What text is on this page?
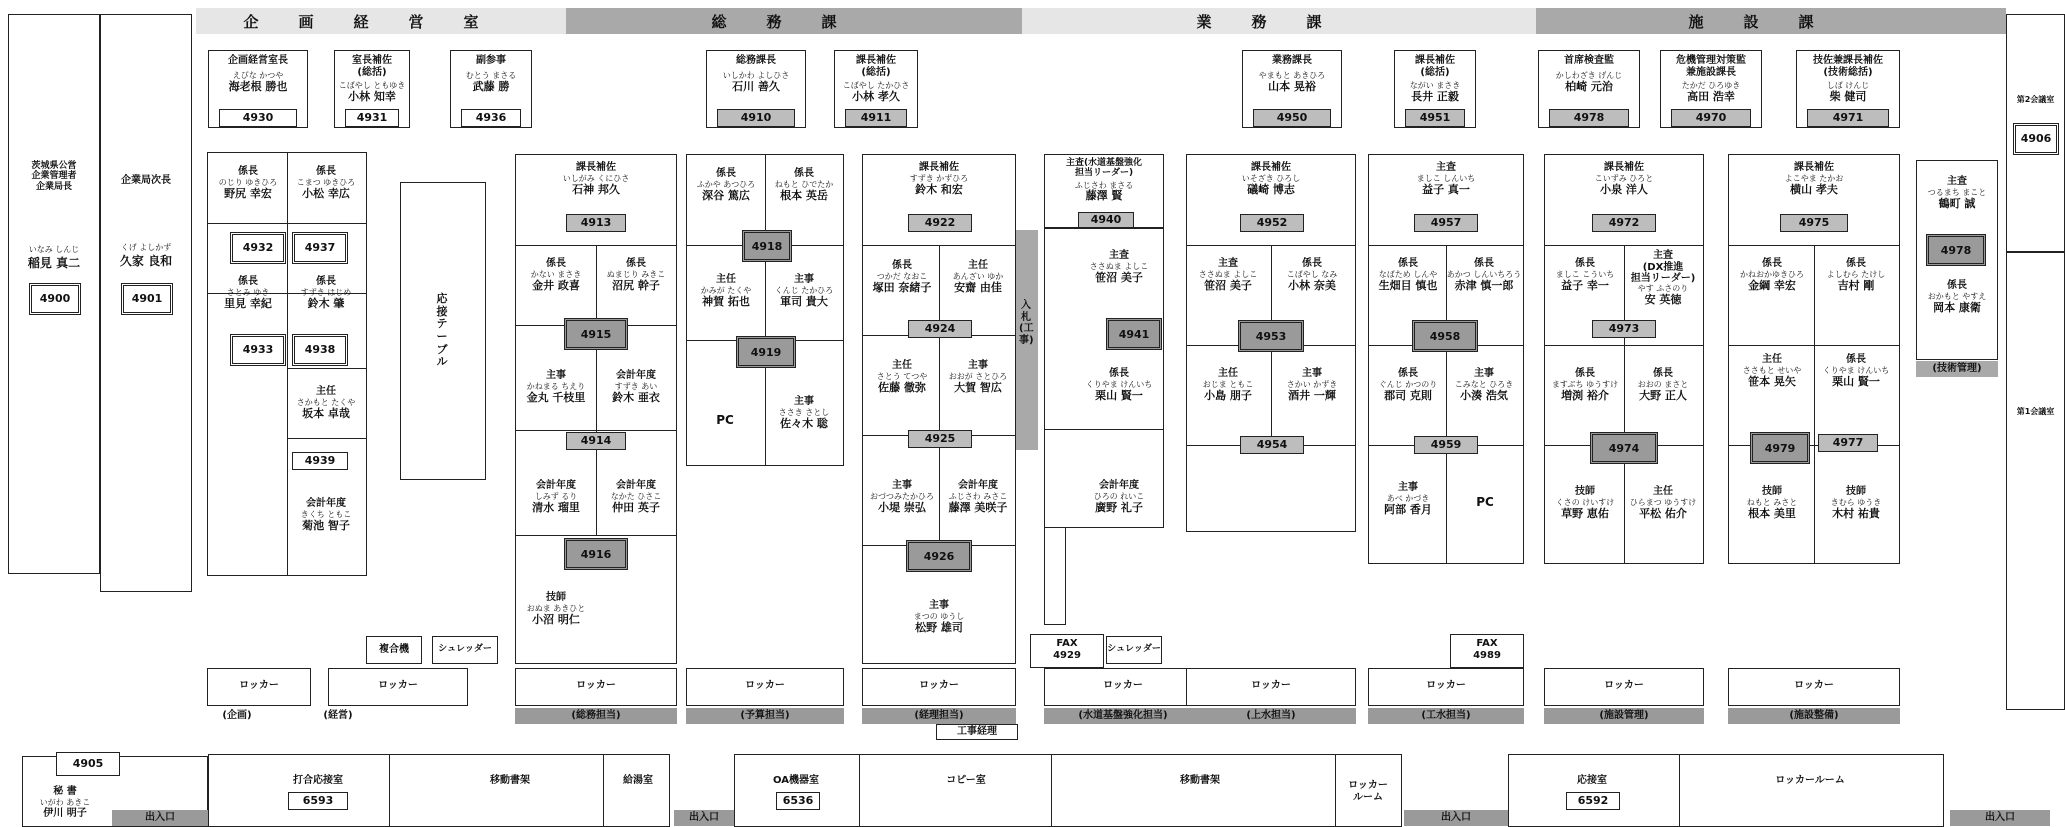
企画経営室	総務課	業務課	施設課
企画経営室長
えびな かつや
海老根 勝也
4930
室長補佐
(総括)
こばやし ともゆき
小林 知幸
4931
副参事
むとう まさる
武藤 勝
4936
総務課長
いしかわ よしひさ
石川 善久
4910
課長補佐
(総括)
こばやし たかひさ
小林 孝久
4911
業務課長
やまもと あきひろ
山本 晃裕
4950
課長補佐
(総括)
ながい まさき
長井 正毅
4951
首席検査監
かしわざき げんじ
柏崎 元治
4978
危機管理対策監
兼施設課長
たかだ ひろゆき
高田 浩幸
4970
技佐兼課長補佐
(技術総括)
しば けんじ
柴 健司
4971
茨城県公営
企業管理者
企業局長
いなみ しんじ
稲見 真二
4900
企業局次長
くげ よしかず
久家 良和
4901	応接テーブル
入札(工事)
(技術管理)
第2会議室
4906
第1会議室
係長
のじり ゆきひろ
野尻 幸宏
係長
こまつ ゆきひろ
小松 幸広
係長
さとみ ゆき
里見 幸紀
係長
すずき はじめ
鈴木 肇
主任
さかもと たくや
坂本 卓哉
会計年度
きくち ともこ
菊池 智子
4932	4937
4933	4938
4939
課長補佐
いしがみ くにひさ
石神 邦久
4913
係長
かない まさき
金井 政喜
係長
ぬまじり みきこ
沼尻 幹子
4915
主事
かねまる ちえり
金丸 千枝里
会計年度
すずき あい
鈴木 亜衣
4914
会計年度
しみず るり
清水 瑠里
会計年度
なかた ひさこ
仲田 英子
4916
技師
おぬま あきひと
小沼 明仁
係長
ふかや あつひろ
深谷 篤広
係長
ねもと ひでたか
根本 英岳
4918
主任
かみが たくや
神賀 拓也
主事
くんじ たかひろ
軍司 貴大
4919
PC
主事
ささき さとし
佐々木 聡
課長補佐
すずき かずひろ
鈴木 和宏
4922
係長
つかだ なおこ
塚田 奈緒子
主任
あんざい ゆか
安齋 由佳
4924
主任
さとう てつや
佐藤 徹弥
主事
おおが さとひろ
大賀 智広
4925
主事
おづつみたかひろ
小堤 崇弘
会計年度
ふじさわ みさこ
藤澤 美咲子
4926
主事
まつの ゆうし
松野 雄司
主査(水道基盤強化
担当リーダー)
ふじさわ まさる
藤澤 賢
4940
主査
ささぬま よしこ
笹沼 美子
4941
係長
くりやま けんいち
栗山 賢一
会計年度
ひろの れいこ
廣野 礼子
課長補佐
いそざき ひろし
礒崎 博志
4952
主査
ささぬま よしこ
笹沼 美子
係長
こばやし なみ
小林 奈美
4953
主任
おじま ともこ
小島 朋子
主事
さかい かずき
酒井 一輝
4954
主査
ましこ しんいち
益子 真一
4957
係長
なばため しんや
生畑目 慎也
係長
あかつ しんいちろう
赤津 慎一郎
4958
係長
ぐんじ かつのり
郡司 克則
主事
こみなと ひろき
小湊 浩気
4959
主事
あべ かづき
阿部 香月
PC
課長補佐
こいずみ ひろと
小泉 洋人
4972
係長
ましこ こういち
益子 幸一
主査
(DX推進
担当リーダー)
やす ふさのり
安 英徳
4973
係長
ますぶち ゆうすけ
増渕 裕介
係長
おおの まさと
大野 正人
4974
技師
くさの けいすけ
草野 恵佑
主任
ひらまつ ゆうすけ
平松 佑介
課長補佐
よこやま たかお
横山 孝夫
4975
係長
かねおかゆきひろ
金綱 幸宏
係長
よしむら たけし
吉村 剛
主任
ささもと せいや
笹本 晃矢
係長
くりやま けんいち
栗山 賢一
4979	4977
技師
ねもと みさと
根本 美里
技師
きむら ゆうき
木村 祐貴
主査
つるまち まこと
鶴町 誠
4978
係長
おかもと やすえ
岡本 康衛
ロッカー	ロッカー	ロッカー	ロッカー	ロッカー	ロッカー	ロッカー	ロッカー	ロッカー	ロッカー
(企画)	(経営)	(総務担当)	(予算担当)	(経理担当)	(水道基盤強化担当)	(上水担当)	(工水担当)	(施設管理)	(施設整備)
工事経理
複合機	シュレッダー	FAX
4929
シュレッダー	FAX
4989
4905
秘 書
いがわ あきこ
伊川 明子	出入口
打合応接室
6593
移動書架	給湯室
出入口
OA機器室
6536
コピー室	移動書架	ロッカー
ルーム
出入口
応接室
6592
ロッカールーム
出入口
